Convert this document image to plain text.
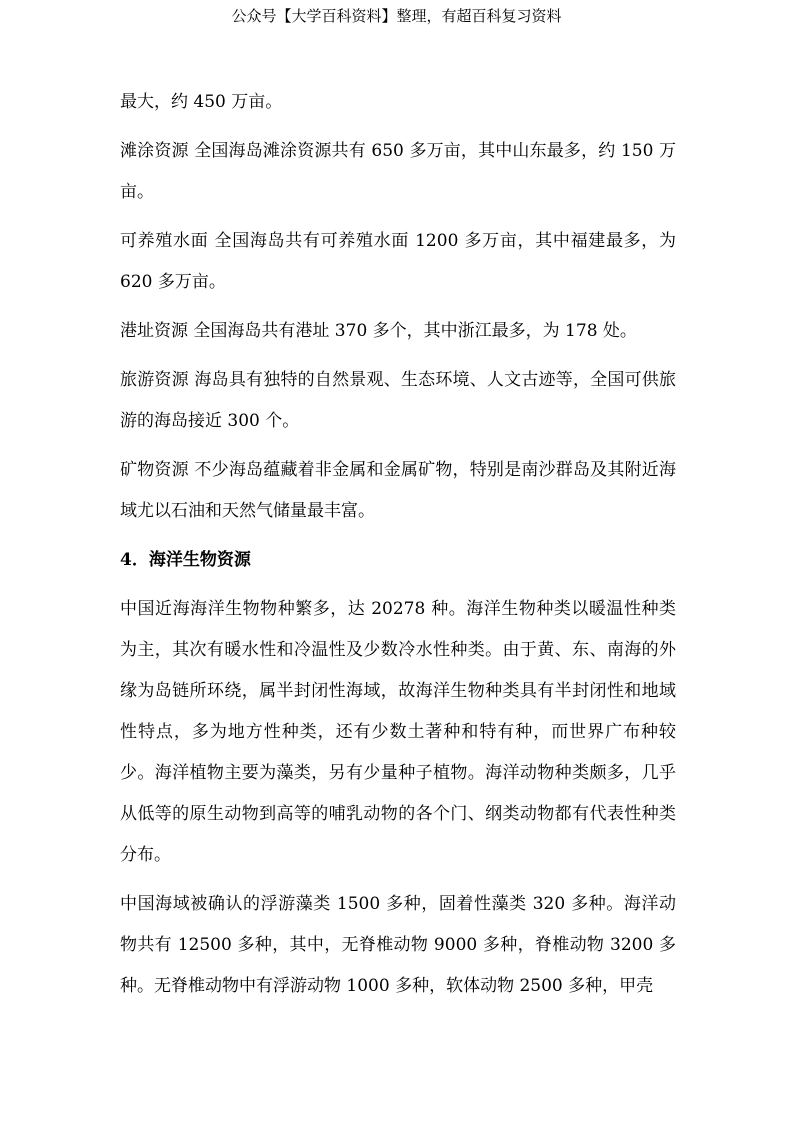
公众号【大学百科资料】整理，有超百科复习资料

最大，约 450 万亩。

滩涂资源 全国海岛滩涂资源共有 650 多万亩，其中山东最多，约 150 万亩。

可养殖水面 全国海岛共有可养殖水面 1200 多万亩，其中福建最多，为 620 多万亩。

港址资源 全国海岛共有港址 370 多个，其中浙江最多，为 178 处。

旅游资源 海岛具有独特的自然景观、生态环境、人文古迹等，全国可供旅游的海岛接近 300 个。

矿物资源 不少海岛蕴藏着非金属和金属矿物，特别是南沙群岛及其附近海域尤以石油和天然气储量最丰富。

4．海洋生物资源

中国近海海洋生物物种繁多，达 20278 种。海洋生物种类以暖温性种类为主，其次有暖水性和冷温性及少数冷水性种类。由于黄、东、南海的外缘为岛链所环绕，属半封闭性海域，故海洋生物种类具有半封闭性和地域性特点，多为地方性种类，还有少数土著种和特有种，而世界广布种较少。海洋植物主要为藻类，另有少量种子植物。海洋动物种类颇多，几乎从低等的原生动物到高等的哺乳动物的各个门、纲类动物都有代表性种类分布。

中国海域被确认的浮游藻类 1500 多种，固着性藻类 320 多种。海洋动物共有 12500 多种，其中，无脊椎动物 9000 多种，脊椎动物 3200 多种。无脊椎动物中有浮游动物 1000 多种，软体动物 2500 多种，甲壳
